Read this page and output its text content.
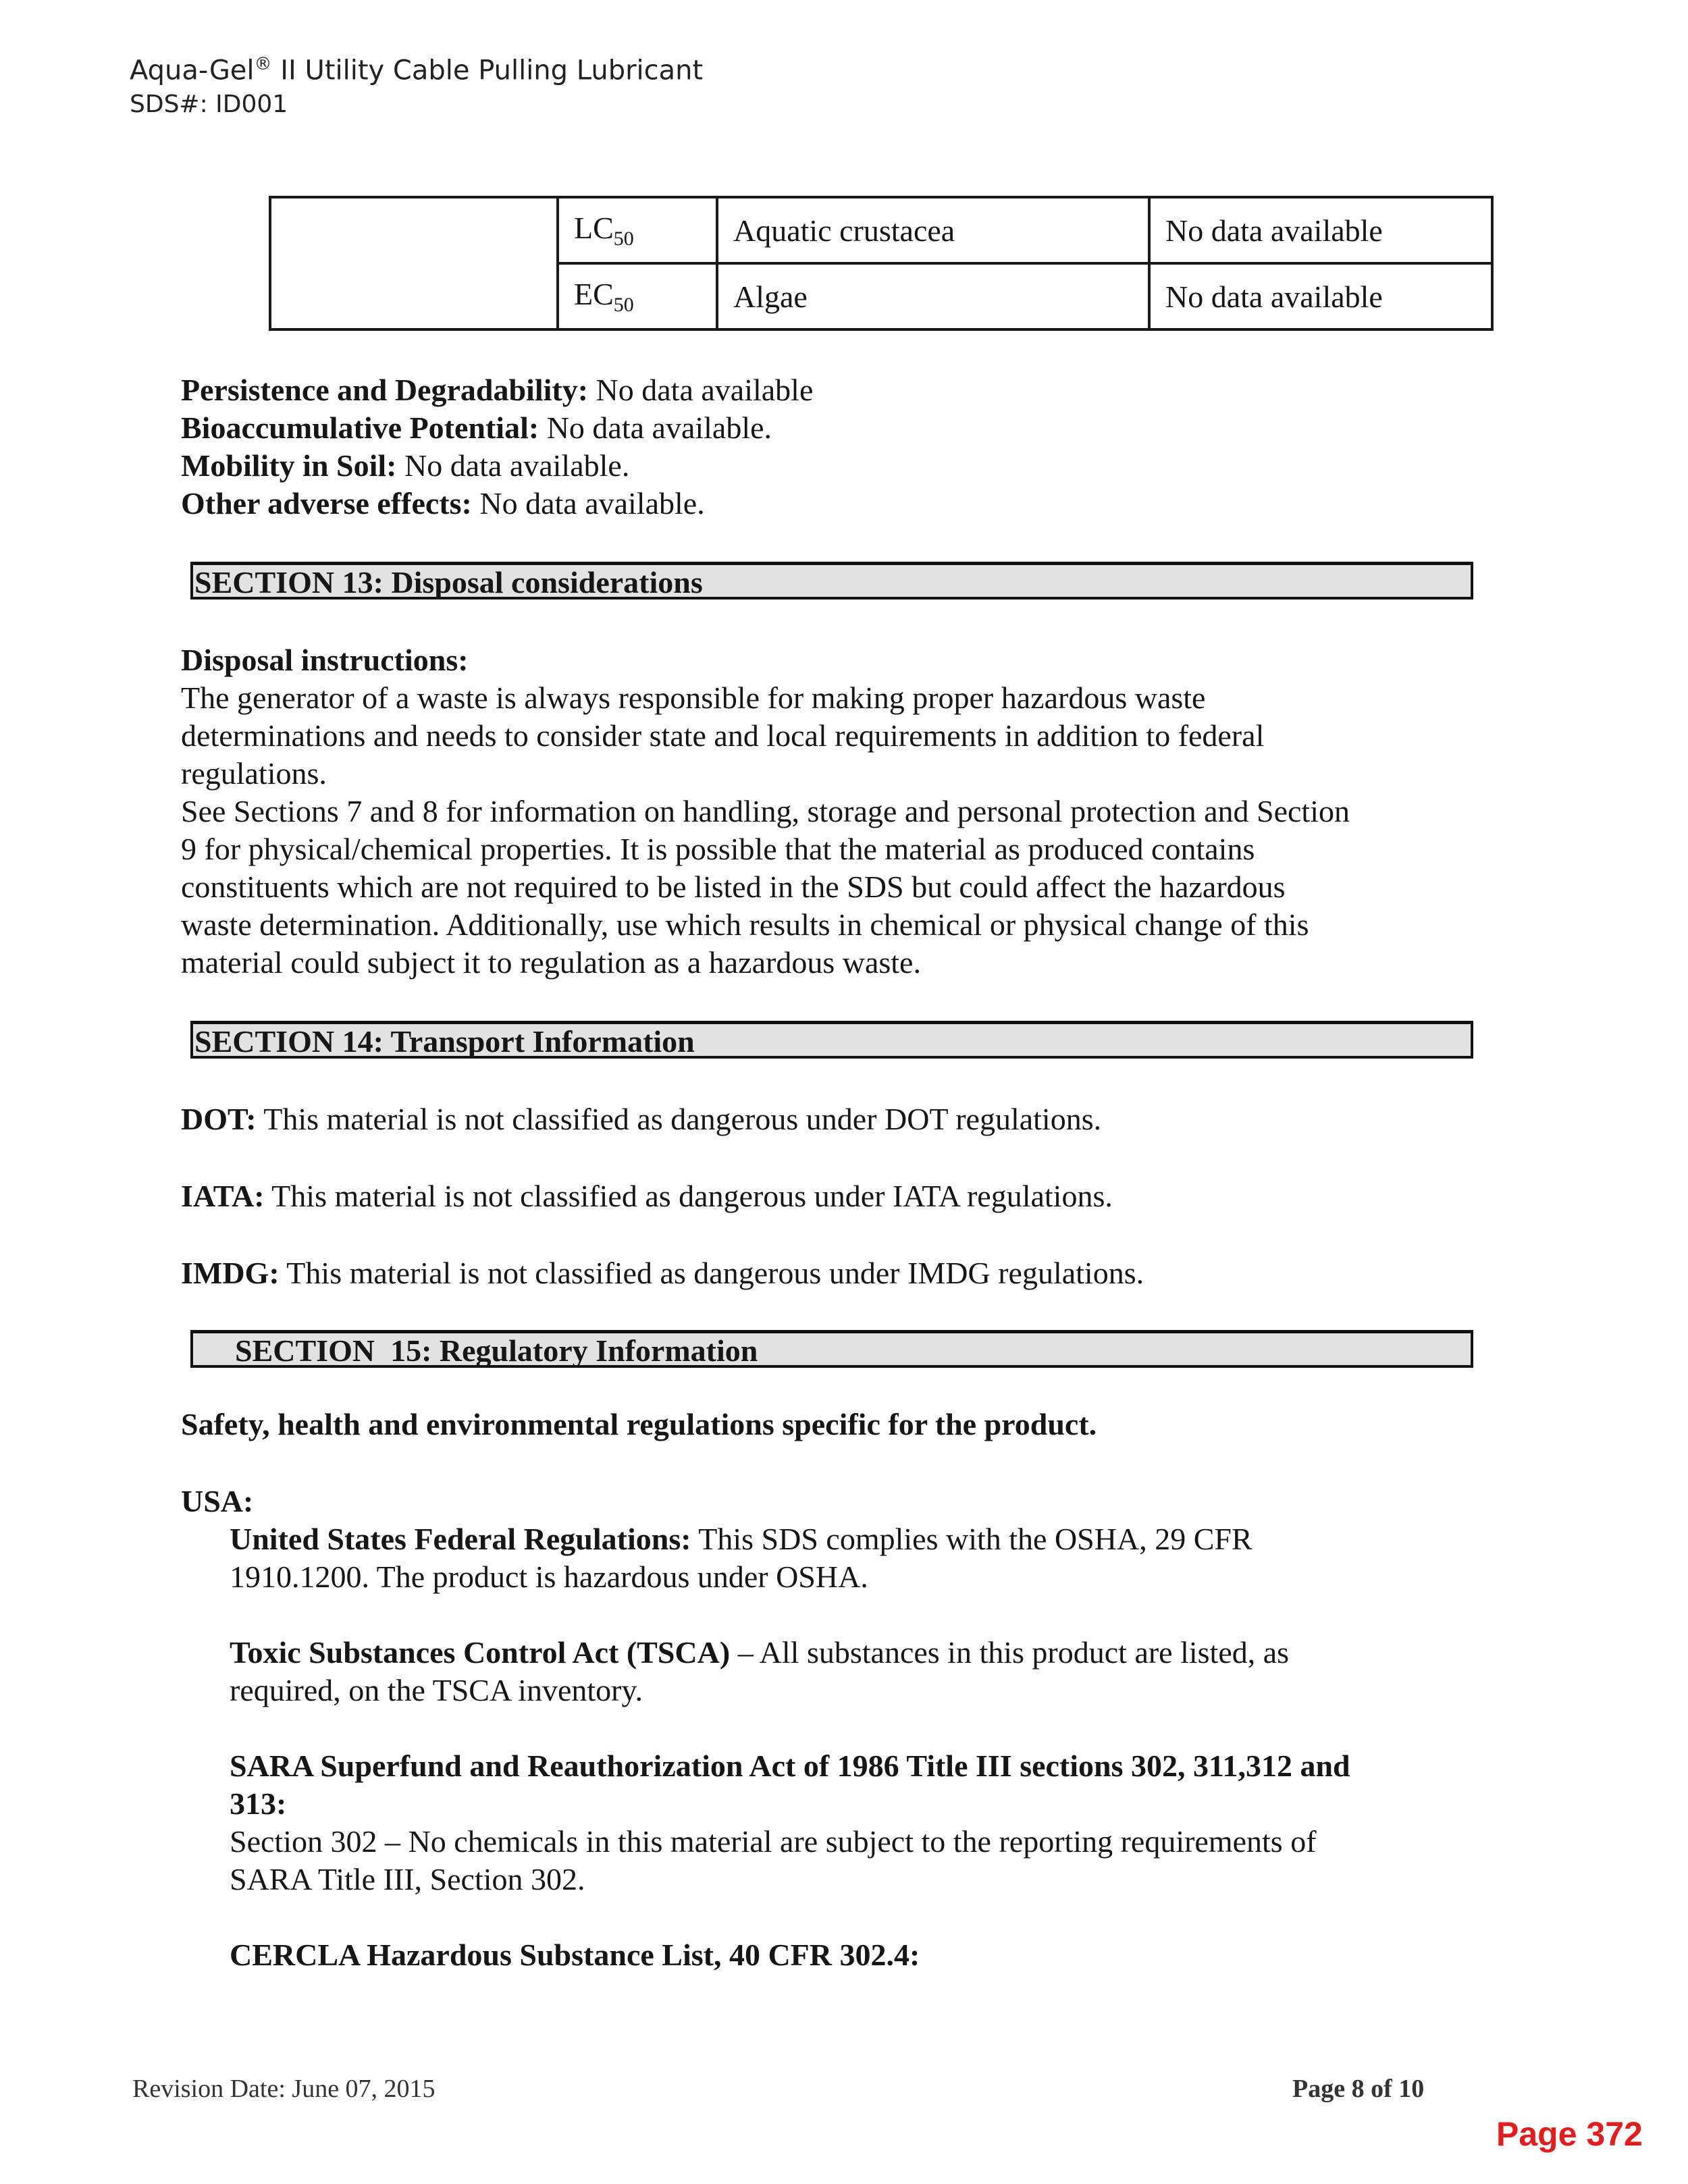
Aqua-Gel® II Utility Cable Pulling Lubricant
SDS#: ID001
	$LC_{50}$	Aquatic crustacea	No data available
	$EC_{50}$	Algae	No data available
Persistence and Degradability: No data available
Bioaccumulative Potential: No data available.
Mobility in Soil: No data available.
Other adverse effects: No data available.
SECTION 13: Disposal considerations
Disposal instructions:
The generator of a waste is always responsible for making proper hazardous waste
determinations and needs to consider state and local requirements in addition to federal
regulations.
See Sections 7 and 8 for information on handling, storage and personal protection and Section
9 for physical/chemical properties. It is possible that the material as produced contains
constituents which are not required to be listed in the SDS but could affect the hazardous
waste determination. Additionally, use which results in chemical or physical change of this
material could subject it to regulation as a hazardous waste.
SECTION 14: Transport Information
DOT: This material is not classified as dangerous under DOT regulations.
IATA: This material is not classified as dangerous under IATA regulations.
IMDG: This material is not classified as dangerous under IMDG regulations.
SECTION  15: Regulatory Information
Safety, health and environmental regulations specific for the product.
USA:
United States Federal Regulations: This SDS complies with the OSHA, 29 CFR
1910.1200. The product is hazardous under OSHA.
Toxic Substances Control Act (TSCA) – All substances in this product are listed, as
required, on the TSCA inventory.
SARA Superfund and Reauthorization Act of 1986 Title III sections 302, 311,312 and
313:
Section 302 – No chemicals in this material are subject to the reporting requirements of
SARA Title III, Section 302.
CERCLA Hazardous Substance List, 40 CFR 302.4:
Revision Date: June 07, 2015	Page 8 of 10
Page 372
